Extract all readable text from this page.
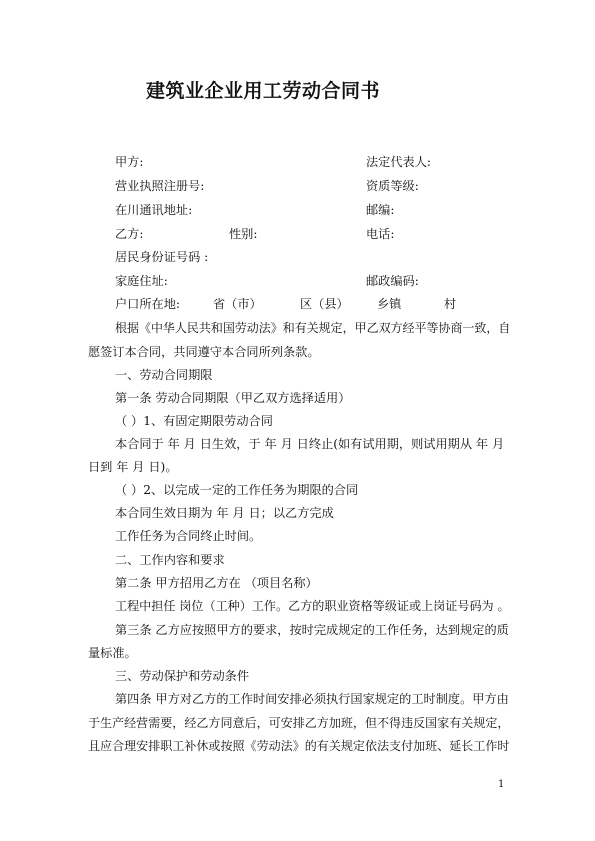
建筑业企业用工劳动合同书
甲方:	法定代表人:
营业执照注册号:	资质等级:
在川通讯地址:	邮编:
乙方:	性别:	电话:
居民身份证号码 :
家庭住址:	邮政编码:
户口所在地:	省（市）	区（县） 乡镇	村
根据《中华人民共和国劳动法》和有关规定，甲乙双方经平等协商一致，自
愿签订本合同，共同遵守本合同所列条款。
一、劳动合同期限
第一条 劳动合同期限（甲乙双方选择适用）
（ ）1、有固定期限劳动合同
本合同于 年 月 日生效，于 年 月 日终止(如有试用期，则试用期从 年 月
日到 年 月 日)。
（ ）2、以完成一定的工作任务为期限的合同
本合同生效日期为 年 月 日；以乙方完成
工作任务为合同终止时间。
二、工作内容和要求
第二条 甲方招用乙方在 （项目名称）
工程中担任 岗位（工种）工作。乙方的职业资格等级证或上岗证号码为 。
第三条 乙方应按照甲方的要求，按时完成规定的工作任务，达到规定的质
量标准。
三、劳动保护和劳动条件
第四条 甲方对乙方的工作时间安排必须执行国家规定的工时制度。甲方由
于生产经营需要，经乙方同意后，可安排乙方加班，但不得违反国家有关规定，
且应合理安排职工补休或按照《劳动法》的有关规定依法支付加班、延长工作时
1
